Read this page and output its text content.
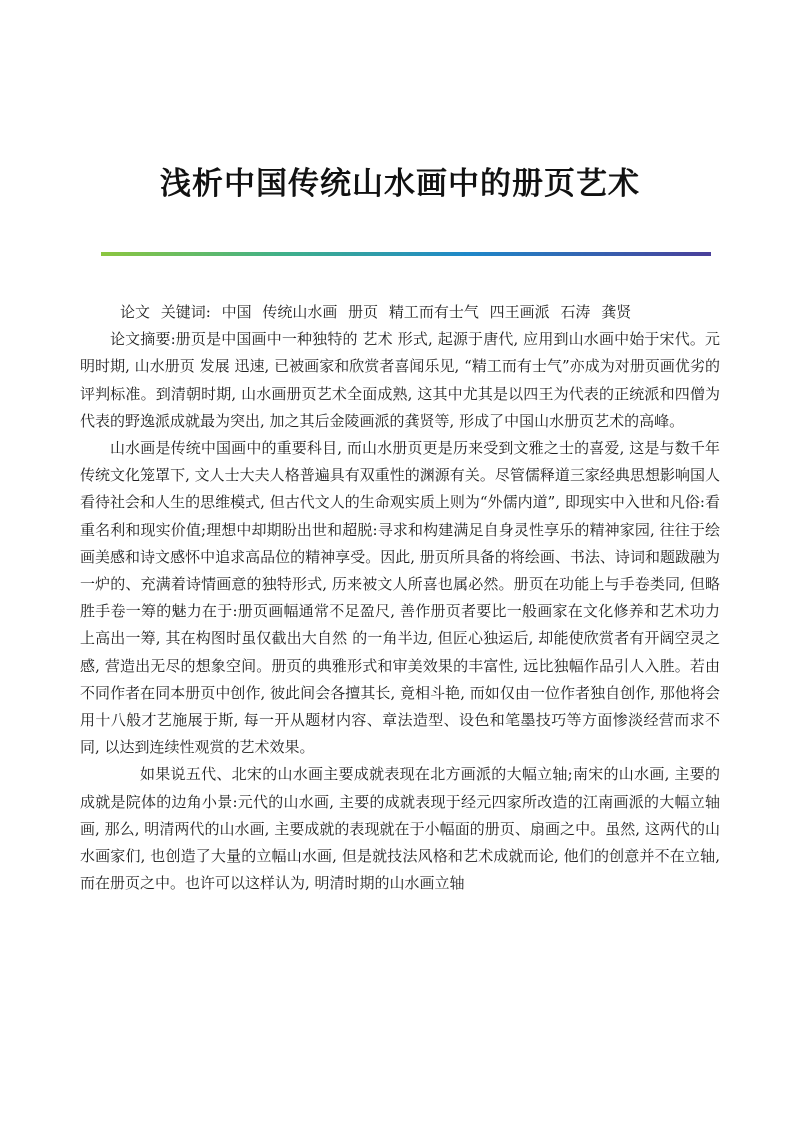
浅析中国传统山水画中的册页艺术

论文 关键词: 中国 传统山水画 册页 精工而有士气 四王画派 石涛 龚贤

论文摘要:册页是中国画中一种独特的 艺术 形式, 起源于唐代, 应用到山水画中始于宋代。元明时期, 山水册页 发展 迅速, 已被画家和欣赏者喜闻乐见, “精工而有士气”亦成为对册页画优劣的评判标准。到清朝时期, 山水画册页艺术全面成熟, 这其中尤其是以四王为代表的正统派和四僧为代表的野逸派成就最为突出, 加之其后金陵画派的龚贤等, 形成了中国山水册页艺术的高峰。

山水画是传统中国画中的重要科目, 而山水册页更是历来受到文雅之士的喜爱, 这是与数千年传统文化笼罩下, 文人士大夫人格普遍具有双重性的渊源有关。尽管儒释道三家经典思想影响国人看待社会和人生的思维模式, 但古代文人的生命观实质上则为“外儒内道”, 即现实中入世和凡俗:看重名利和现实价值;理想中却期盼出世和超脱:寻求和构建满足自身灵性享乐的精神家园, 往往于绘画美感和诗文感怀中追求高品位的精神享受。因此, 册页所具备的将绘画、书法、诗词和题跋融为一炉的、充满着诗情画意的独特形式, 历来被文人所喜也属必然。册页在功能上与手卷类同, 但略胜手卷一筹的魅力在于:册页画幅通常不足盈尺, 善作册页者要比一般画家在文化修养和艺术功力上高出一筹, 其在构图时虽仅截出大自然 的一角半边, 但匠心独运后, 却能使欣赏者有开阔空灵之感, 营造出无尽的想象空间。册页的典雅形式和审美效果的丰富性, 远比独幅作品引人入胜。若由不同作者在同本册页中创作, 彼此间会各擅其长, 竟相斗艳, 而如仅由一位作者独自创作, 那他将会用十八般才艺施展于斯, 每一开从题材内容、章法造型、设色和笔墨技巧等方面惨淡经营而求不同, 以达到连续性观赏的艺术效果。

如果说五代、北宋的山水画主要成就表现在北方画派的大幅立轴;南宋的山水画, 主要的成就是院体的边角小景:元代的山水画, 主要的成就表现于经元四家所改造的江南画派的大幅立轴画, 那么, 明清两代的山水画, 主要成就的表现就在于小幅面的册页、扇画之中。虽然, 这两代的山水画家们, 也创造了大量的立幅山水画, 但是就技法风格和艺术成就而论, 他们的创意并不在立轴, 而在册页之中。也许可以这样认为, 明清时期的山水画立轴
